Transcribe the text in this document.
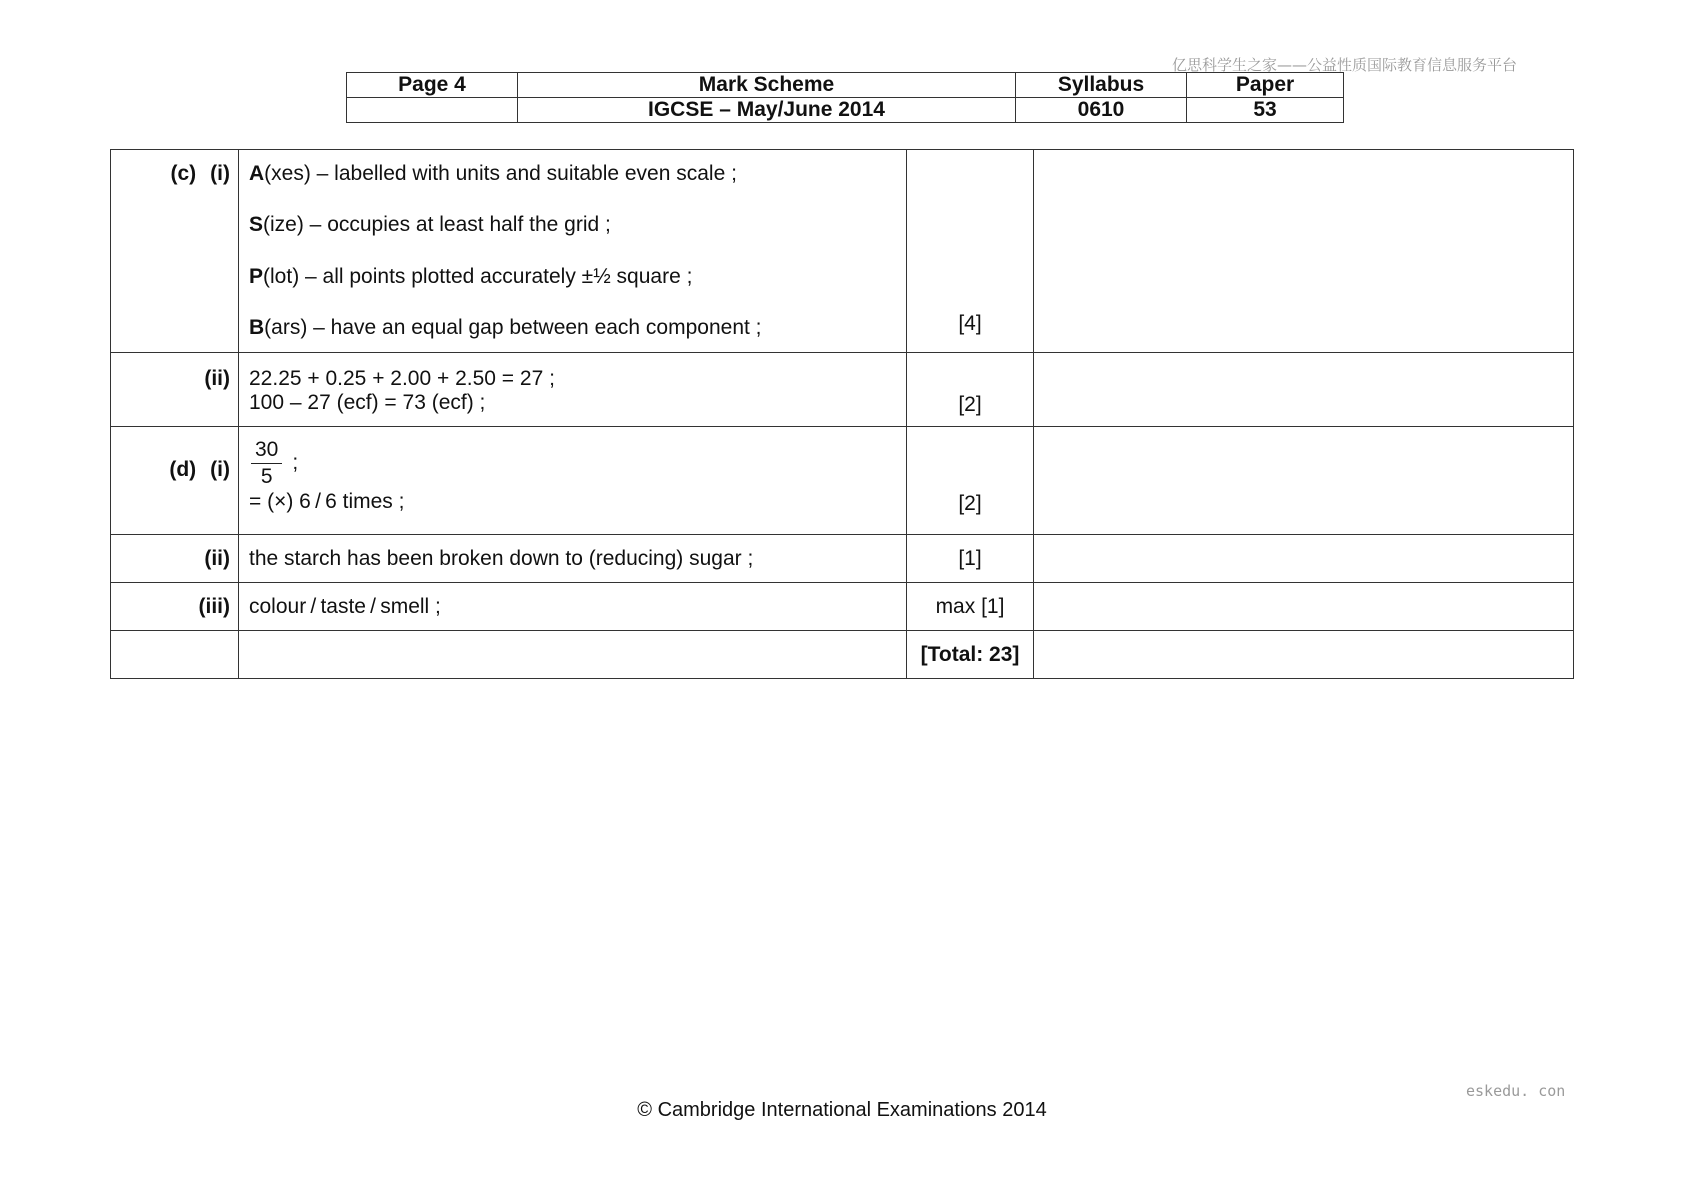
亿思科学生之家——公益性质国际教育信息服务平台
Page 4	Mark Scheme	Syllabus	Paper
	IGCSE – May/June 2014	0610	53
(c) (i)	A(xes) – labelled with units and suitable even scale ;
S(ize) – occupies at least half the grid ;
P(lot) – all points plotted accurately ±½ square ;
B(ars) – have an equal gap between each component ;	[4]	
(ii)	22.25 + 0.25 + 2.00 + 2.50 = 27 ;
100 – 27 (ecf) = 73 (ecf) ;	[2]	
(d) (i)	$\frac{30}{5}$ ;
= (×) 6 / 6 times ;	[2]	
(ii)	the starch has been broken down to (reducing) sugar ;	[1]	
(iii)	colour / taste / smell ;	max [1]	
		[Total: 23]	
eskedu. con
© Cambridge International Examinations 2014
